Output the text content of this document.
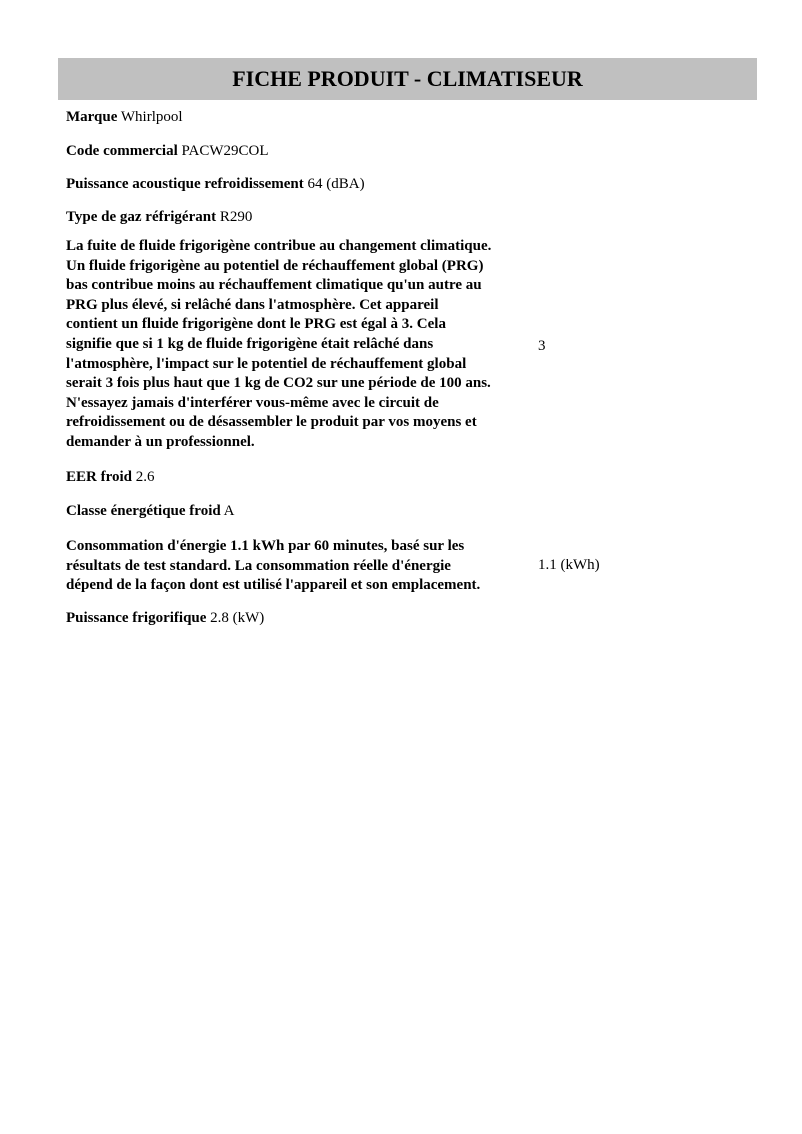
FICHE PRODUIT - CLIMATISEUR
Marque Whirlpool
Code commercial PACW29COL
Puissance acoustique refroidissement 64 (dBA)
Type de gaz réfrigérant R290
La fuite de fluide frigorigène contribue au changement climatique.
Un fluide frigorigène au potentiel de réchauffement global (PRG)
bas contribue moins au réchauffement climatique qu'un autre au
PRG plus élevé, si relâché dans l'atmosphère. Cet appareil
contient un fluide frigorigène dont le PRG est égal à 3. Cela
signifie que si 1 kg de fluide frigorigène était relâché dans
l'atmosphère, l'impact sur le potentiel de réchauffement global
serait 3 fois plus haut que 1 kg de CO2 sur une période de 100 ans.
N'essayez jamais d'interférer vous-même avec le circuit de
refroidissement ou de désassembler le produit par vos moyens et
demander à un professionnel.
3
EER froid 2.6
Classe énergétique froid A
Consommation d'énergie 1.1 kWh par 60 minutes, basé sur les
résultats de test standard. La consommation réelle d'énergie
dépend de la façon dont est utilisé l'appareil et son emplacement.
1.1 (kWh)
Puissance frigorifique 2.8 (kW)
